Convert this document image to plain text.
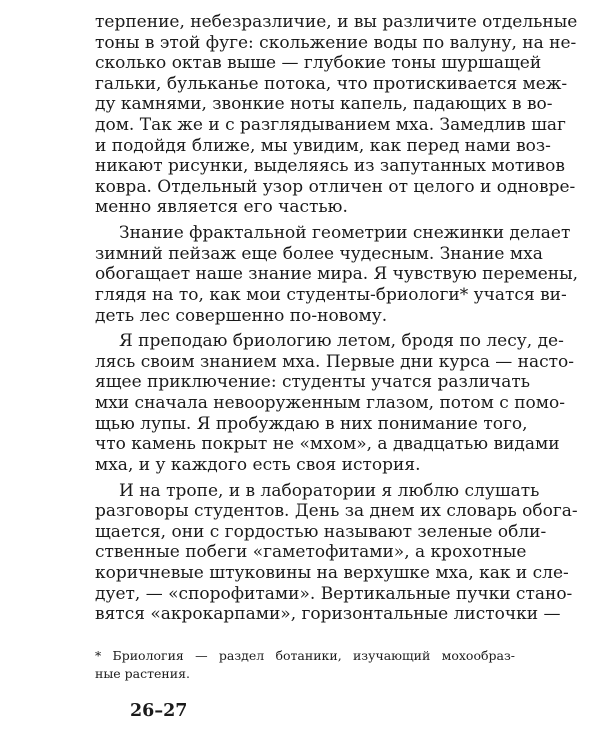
терпение, небезразличие, и вы различите отдельные
тоны в этой фуге: скольжение воды по валуну, на не-
сколько октав выше — глубокие тоны шуршащей
гальки, бульканье потока, что протискивается меж-
ду камнями, звонкие ноты капель, падающих в во-
дом. Так же и с разглядыванием мха. Замедлив шаг
и подойдя ближе, мы увидим, как перед нами воз-
никают рисунки, выделяясь из запутанных мотивов
ковра. Отдельный узор отличен от целого и одновре-
менно является его частью.
Знание фрактальной геометрии снежинки делает
зимний пейзаж еще более чудесным. Знание мха
обогащает наше знание мира. Я чувствую перемены,
глядя на то, как мои студенты-бриологи* учатся ви-
деть лес совершенно по-новому.
Я преподаю бриологию летом, бродя по лесу, де-
лясь своим знанием мха. Первые дни курса — насто-
ящее приключение: студенты учатся различать
мхи сначала невооруженным глазом, потом с помо-
щью лупы. Я пробуждаю в них понимание того,
что камень покрыт не «мхом», а двадцатью видами
мха, и у каждого есть своя история.
И на тропе, и в лаборатории я люблю слушать
разговоры студентов. День за днем их словарь обога-
щается, они с гордостью называют зеленые обли-
ственные побеги «гаметофитами», а крохотные
коричневые штуковины на верхушке мха, как и сле-
дует, — «спорофитами». Вертикальные пучки стано-
вятся «акрокарпами», горизонтальные листочки —
* Бриология — раздел ботаники, изучающий мохообраз-
ные растения.
26–27
